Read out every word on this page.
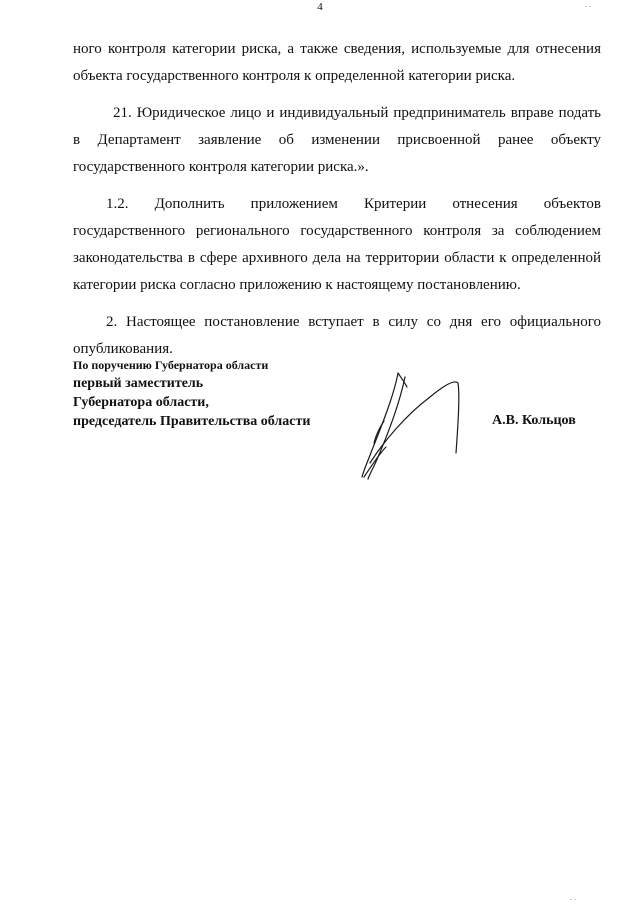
4	. .

ного контроля категории риска, а также сведения, используемые для отнесения объекта государственного контроля к определенной категории риска.

21. Юридическое лицо и индивидуальный предприниматель вправе подать в Департамент заявление об изменении присвоенной ранее объекту государственного контроля категории риска.».

1.2. Дополнить приложением Критерии отнесения объектов государственного регионального государственного контроля за соблюдением законодательства в сфере архивного дела на территории области к определенной категории риска согласно приложению к настоящему постановлению.

2. Настоящее постановление вступает в силу со дня его официального опубликования.

По поручению Губернатора области
первый заместитель
Губернатора области,
председатель Правительства области	А.В. Кольцов
. .
